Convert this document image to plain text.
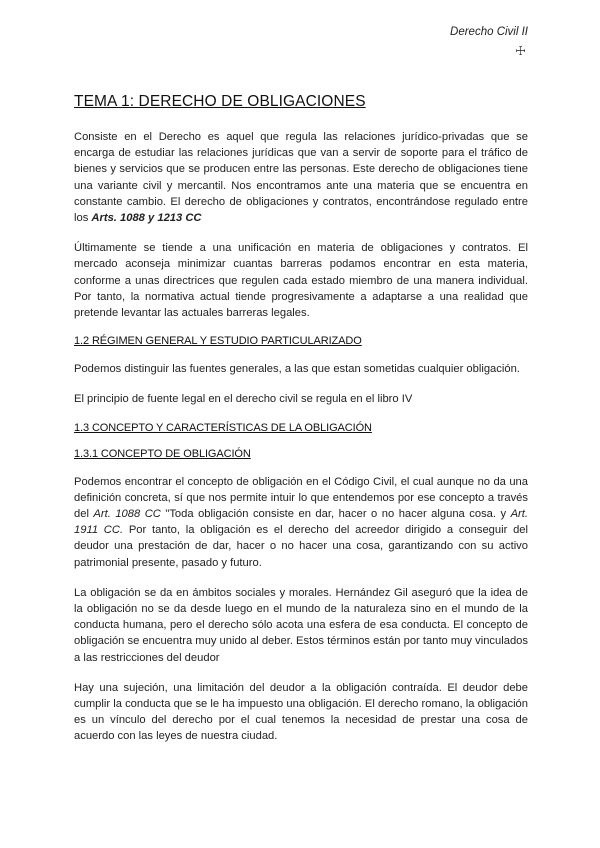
Derecho Civil II
☩
TEMA 1: DERECHO DE OBLIGACIONES

Consiste en el Derecho es aquel que regula las relaciones jurídico-privadas que se encarga de estudiar las relaciones jurídicas que van a servir de soporte para el tráfico de bienes y servicios que se producen entre las personas. Este derecho de obligaciones tiene una variante civil y mercantil. Nos encontramos ante una materia que se encuentra en constante cambio. El derecho de obligaciones y contratos, encontrándose regulado entre los Arts. 1088 y 1213 CC

Últimamente se tiende a una unificación en materia de obligaciones y contratos. El mercado aconseja minimizar cuantas barreras podamos encontrar en esta materia, conforme a unas directrices que regulen cada estado miembro de una manera individual. Por tanto, la normativa actual tiende progresivamente a adaptarse a una realidad que pretende levantar las actuales barreras legales.

1.2 RÉGIMEN GENERAL Y ESTUDIO PARTICULARIZADO

Podemos distinguir las fuentes generales, a las que estan sometidas cualquier obligación.

El principio de fuente legal en el derecho civil se regula en el libro IV

1.3 CONCEPTO Y CARACTERÍSTICAS DE LA OBLIGACIÓN
1.3.1 CONCEPTO DE OBLIGACIÓN

Podemos encontrar el concepto de obligación en el Código Civil, el cual aunque no da una definición concreta, sí que nos permite intuir lo que entendemos por ese concepto a través del Art. 1088 CC "Toda obligación consiste en dar, hacer o no hacer alguna cosa. y Art. 1911 CC. Por tanto, la obligación es el derecho del acreedor dirigido a conseguir del deudor una prestación de dar, hacer o no hacer una cosa, garantizando con su activo patrimonial presente, pasado y futuro.

La obligación se da en ámbitos sociales y morales. Hernández Gil aseguró que la idea de la obligación no se da desde luego en el mundo de la naturaleza sino en el mundo de la conducta humana, pero el derecho sólo acota una esfera de esa conducta. El concepto de obligación se encuentra muy unido al deber. Estos términos están por tanto muy vinculados a las restricciones del deudor

Hay una sujeción, una limitación del deudor a la obligación contraída. El deudor debe cumplir la conducta que se le ha impuesto una obligación. El derecho romano, la obligación es un vínculo del derecho por el cual tenemos la necesidad de prestar una cosa de acuerdo con las leyes de nuestra ciudad.
